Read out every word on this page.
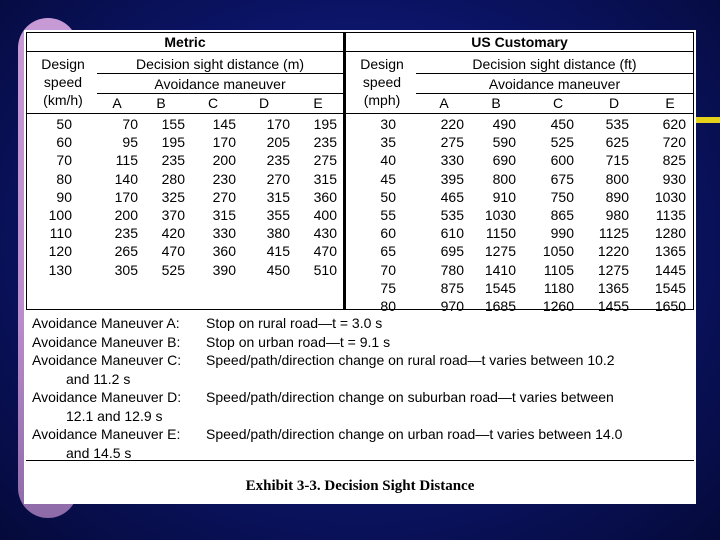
Metric
Design
speed
(km/h)
Decision sight distance (m)
Avoidance maneuver
A	B	C	D	E
50	70 155 145 170 195
60	95 195 170 205 235
70	115 235 200 235 275
80	140 280 230 270 315
90	170 325 270 315 360
100	200 370 315 355 400
110	235 420 330 380 430
120	265 470 360 415 470
130	305 525 390 450 510
US Customary
Design
speed
(mph)
Decision sight distance (ft)
Avoidance maneuver
A	B	C	D	E
30	220 490 450 535 620
35	275 590 525 625 720
40	330 690 600 715 825
45	395 800 675 800 930
50	465 910 750 890 1030
55	535 1030 865 980 1135
60	610 1150 990 1125 1280
65	695 1275 1050 1220 1365
70	780 1410 1105 1275 1445
75	875 1545 1180 1365 1545
80	970 1685 1260 1455 1650
Avoidance Maneuver A: Stop on rural road—t = 3.0 s
Avoidance Maneuver B: Stop on urban road—t = 9.1 s
Avoidance Maneuver C: Speed/path/direction change on rural road—t varies between 10.2
and 11.2 s
Avoidance Maneuver D: Speed/path/direction change on suburban road—t varies between
12.1 and 12.9 s
Avoidance Maneuver E: Speed/path/direction change on urban road—t varies between 14.0
and 14.5 s
Exhibit 3-3. Decision Sight Distance
